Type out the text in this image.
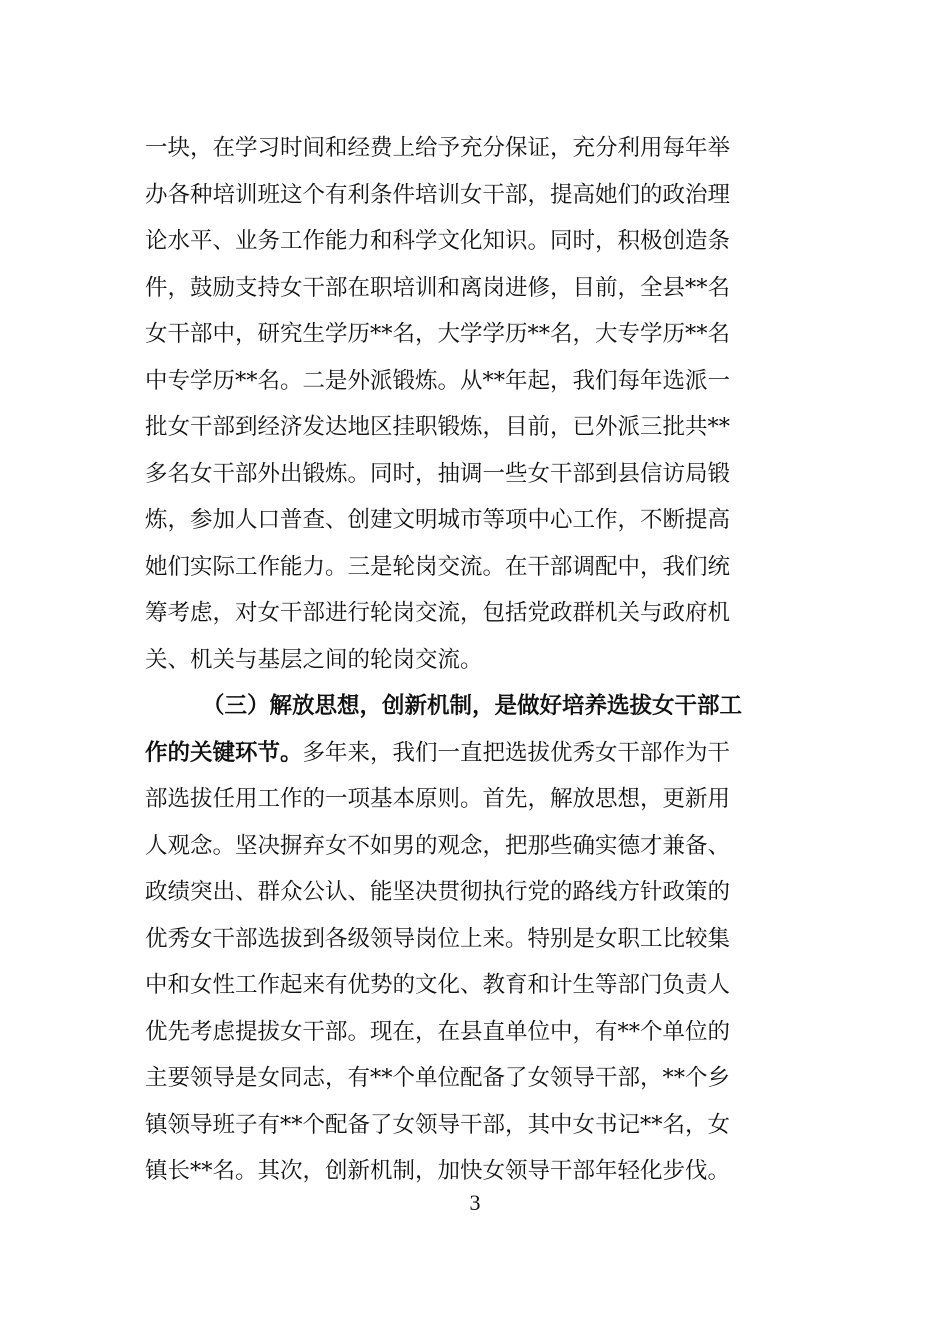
一块，在学习时间和经费上给予充分保证，充分利用每年举
办各种培训班这个有利条件培训女干部，提高她们的政治理
论水平、业务工作能力和科学文化知识。同时，积极创造条
件，鼓励支持女干部在职培训和离岗进修，目前，全县**名
女干部中，研究生学历**名，大学学历**名，大专学历**名
中专学历**名。二是外派锻炼。从**年起，我们每年选派一
批女干部到经济发达地区挂职锻炼，目前，已外派三批共**
多名女干部外出锻炼。同时，抽调一些女干部到县信访局锻
炼，参加人口普查、创建文明城市等项中心工作，不断提高
她们实际工作能力。三是轮岗交流。在干部调配中，我们统
筹考虑，对女干部进行轮岗交流，包括党政群机关与政府机
关、机关与基层之间的轮岗交流。
（三）解放思想，创新机制，是做好培养选拔女干部工
作的关键环节。多年来，我们一直把选拔优秀女干部作为干
部选拔任用工作的一项基本原则。首先，解放思想，更新用
人观念。坚决摒弃女不如男的观念，把那些确实德才兼备、
政绩突出、群众公认、能坚决贯彻执行党的路线方针政策的
优秀女干部选拔到各级领导岗位上来。特别是女职工比较集
中和女性工作起来有优势的文化、教育和计生等部门负责人
优先考虑提拔女干部。现在，在县直单位中，有**个单位的
主要领导是女同志，有**个单位配备了女领导干部，**个乡
镇领导班子有**个配备了女领导干部，其中女书记**名，女
镇长**名。其次，创新机制，加快女领导干部年轻化步伐。
3
